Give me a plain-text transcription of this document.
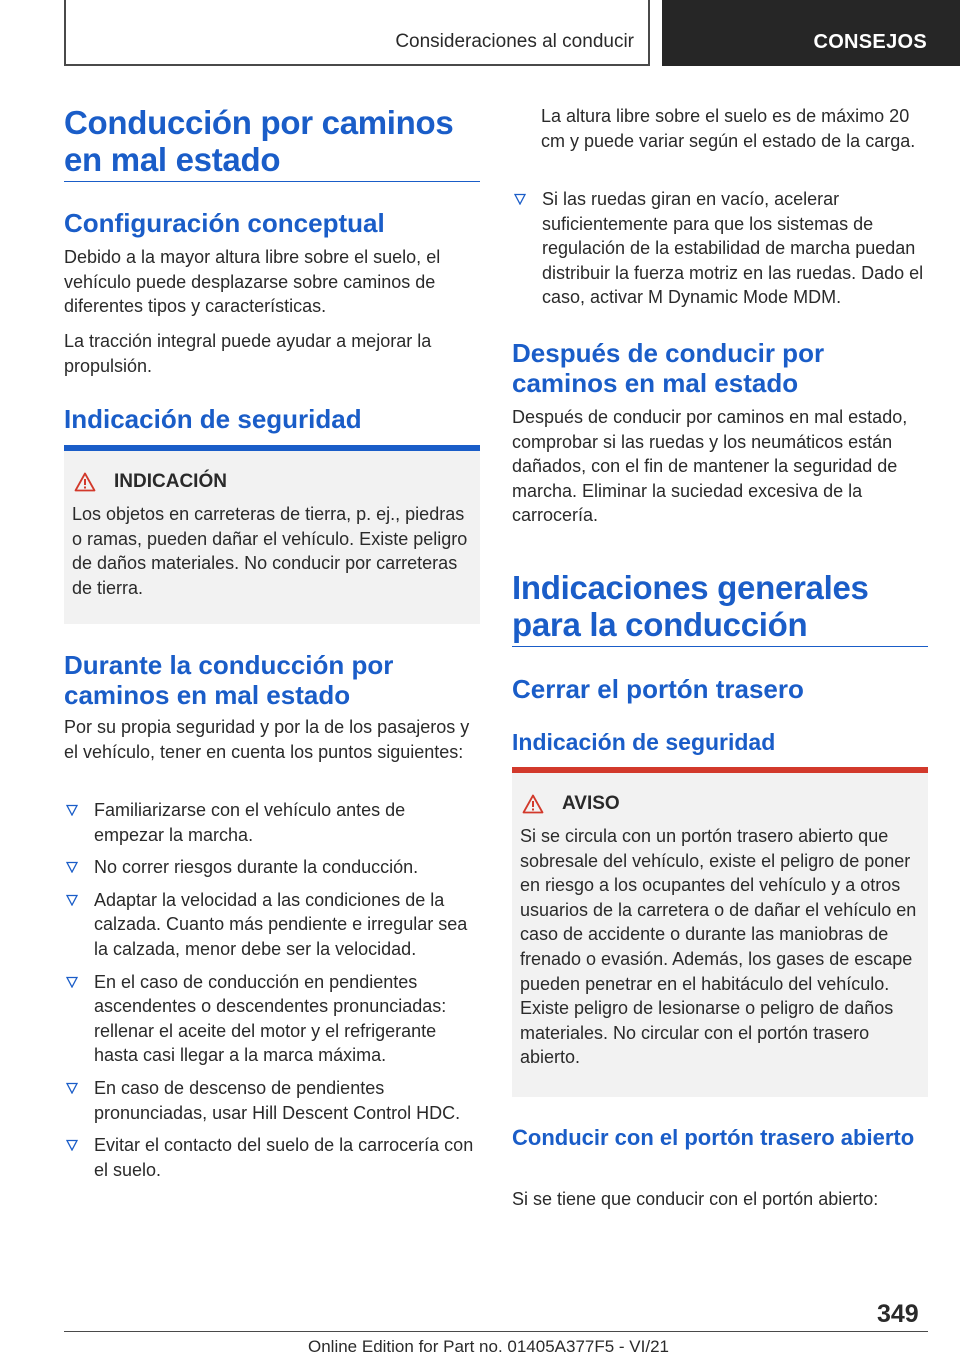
Consideraciones al conducir	CONSEJOS
Conducción por caminos en mal estado
Configuración conceptual

Debido a la mayor altura libre sobre el suelo, el vehículo puede desplazarse sobre caminos de diferentes tipos y características.

La tracción integral puede ayudar a mejorar la propulsión.

Indicación de seguridad
INDICACIÓN

Los objetos en carreteras de tierra, p. ej., piedras o ramas, pueden dañar el vehículo. Existe peligro de daños materiales. No conducir por carreteras de tierra.

Durante la conducción por caminos en mal estado

Por su propia seguridad y por la de los pasajeros y el vehículo, tener en cuenta los puntos siguientes:

Familiarizarse con el vehículo antes de empezar la marcha.
No correr riesgos durante la conducción.
Adaptar la velocidad a las condiciones de la calzada. Cuanto más pendiente e irregular sea la calzada, menor debe ser la velocidad.
En el caso de conducción en pendientes ascendentes o descendentes pronunciadas: rellenar el aceite del motor y el refrigerante hasta casi llegar a la marca máxima.
En caso de descenso de pendientes pronunciadas, usar Hill Descent Control HDC.
Evitar el contacto del suelo de la carrocería con el suelo.

La altura libre sobre el suelo es de máximo 20 cm y puede variar según el estado de la carga.

Si las ruedas giran en vacío, acelerar suficientemente para que los sistemas de regulación de la estabilidad de marcha puedan distribuir la fuerza motriz en las ruedas. Dado el caso, activar M Dynamic Mode MDM.
Después de conducir por caminos en mal estado

Después de conducir por caminos en mal estado, comprobar si las ruedas y los neumáticos están dañados, con el fin de mantener la seguridad de marcha. Eliminar la suciedad excesiva de la carrocería.

Indicaciones generales para la conducción
Cerrar el portón trasero
Indicación de seguridad
AVISO

Si se circula con un portón trasero abierto que sobresale del vehículo, existe el peligro de poner en riesgo a los ocupantes del vehículo y a otros usuarios de la carretera o de dañar el vehículo en caso de accidente o durante las maniobras de frenado o evasión. Además, los gases de escape pueden penetrar en el habitáculo del vehículo. Existe peligro de lesionarse o peligro de daños materiales. No circular con el portón trasero abierto.

Conducir con el portón trasero abierto

Si se tiene que conducir con el portón abierto:

349
Online Edition for Part no. 01405A377F5 - VI/21
